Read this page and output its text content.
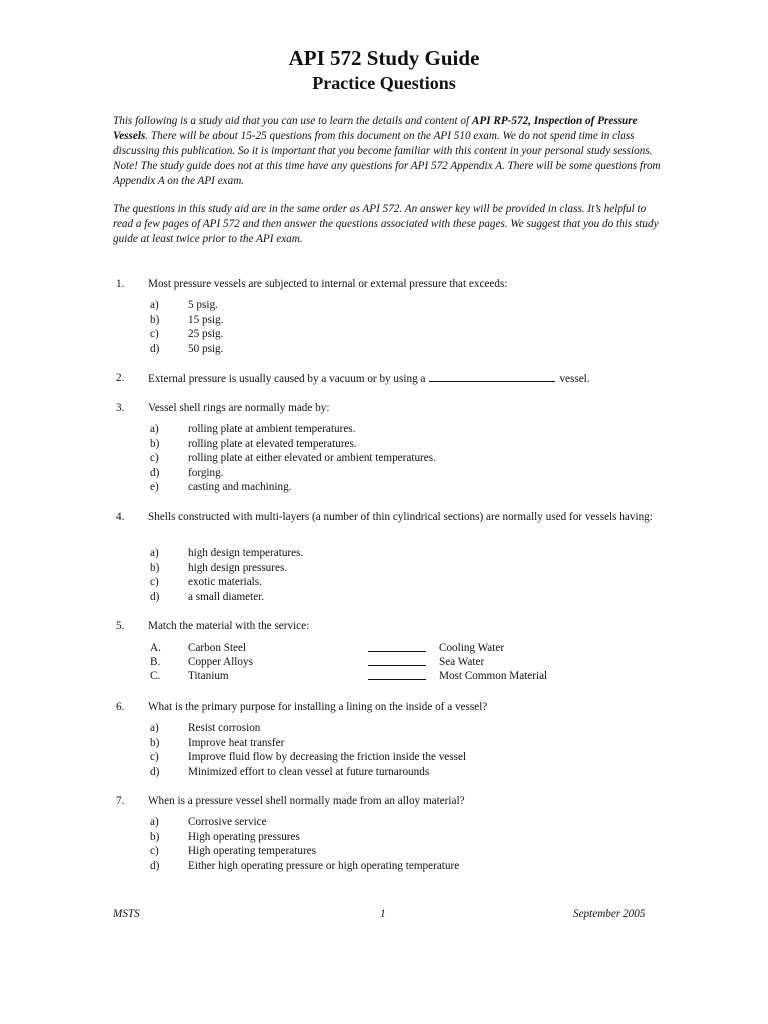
API 572 Study Guide
Practice Questions
This following is a study aid that you can use to learn the details and content of API RP-572, Inspection of Pressure Vessels. There will be about 15-25 questions from this document on the API 510 exam. We do not spend time in class discussing this publication. So it is important that you become familiar with this content in your personal study sessions. Note! The study guide does not at this time have any questions for API 572 Appendix A. There will be some questions from Appendix A on the API exam.
The questions in this study aid are in the same order as API 572. An answer key will be provided in class. It’s helpful to read a few pages of API 572 and then answer the questions associated with these pages. We suggest that you do this study guide at least twice prior to the API exam.
1. Most pressure vessels are subjected to internal or external pressure that exceeds:
a)	5 psig.
b)	15 psig.
c)	25 psig.
d)	50 psig.
2. External pressure is usually caused by a vacuum or by using a	vessel.
3. Vessel shell rings are normally made by:
a)	rolling plate at ambient temperatures.
b)	rolling plate at elevated temperatures.
c)	rolling plate at either elevated or ambient temperatures.
d)	forging.
e)	casting and machining.
4. Shells constructed with multi-layers (a number of thin cylindrical sections) are normally used for vessels having:
a)	high design temperatures.
b)	high design pressures.
c)	exotic materials.
d)	a small diameter.
5. Match the material with the service:
A. Carbon Steel	Cooling Water
B. Copper Alloys	Sea Water
C. Titanium	Most Common Material
6. What is the primary purpose for installing a lining on the inside of a vessel?
a)	Resist corrosion
b)	Improve heat transfer
c)	Improve fluid flow by decreasing the friction inside the vessel
d)	Minimized effort to clean vessel at future turnarounds
7. When is a pressure vessel shell normally made from an alloy material?
a)	Corrosive service
b)	High operating pressures
c)	High operating temperatures
d)	Either high operating pressure or high operating temperature
MSTS	1	September 2005
